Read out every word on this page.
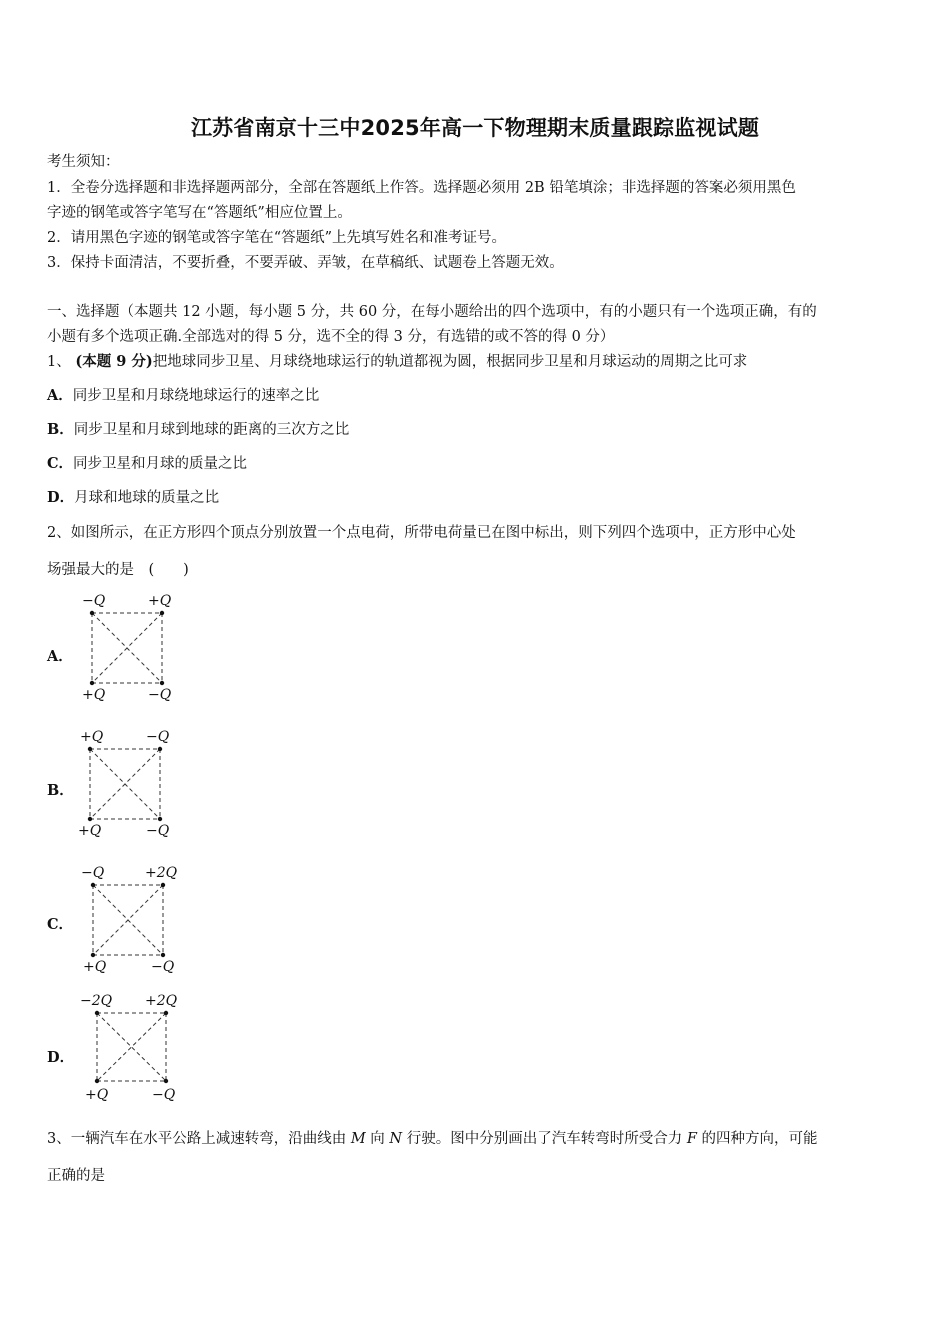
江苏省南京十三中2025年高一下物理期末质量跟踪监视试题
考生须知：
1．全卷分选择题和非选择题两部分，全部在答题纸上作答。选择题必须用 2B 铅笔填涂；非选择题的答案必须用黑色
字迹的钢笔或答字笔写在“答题纸”相应位置上。
2．请用黑色字迹的钢笔或答字笔在“答题纸”上先填写姓名和准考证号。
3．保持卡面清洁，不要折叠，不要弄破、弄皱，在草稿纸、试题卷上答题无效。
一、选择题（本题共 12 小题，每小题 5 分，共 60 分，在每小题给出的四个选项中，有的小题只有一个选项正确，有的
小题有多个选项正确.全部选对的得 5 分，选不全的得 3 分，有选错的或不答的得 0 分）
1、 (本题 9 分)把地球同步卫星、月球绕地球运行的轨道都视为圆，根据同步卫星和月球运动的周期之比可求
A．同步卫星和月球绕地球运行的速率之比
B．同步卫星和月球到地球的距离的三次方之比
C．同步卫星和月球的质量之比
D．月球和地球的质量之比
2、如图所示，在正方形四个顶点分别放置一个点电荷，所带电荷量已在图中标出，则下列四个选项中，正方形中心处
场强最大的是　(　　)
A．
−Q	+Q
+Q	−Q
B．
+Q	−Q
+Q	−Q
C．
−Q	+2Q
+Q	−Q
D．
−2Q +2Q
+Q	−Q
3、一辆汽车在水平公路上减速转弯，沿曲线由 M 向 N 行驶。图中分别画出了汽车转弯时所受合力 F 的四种方向，可能
正确的是
